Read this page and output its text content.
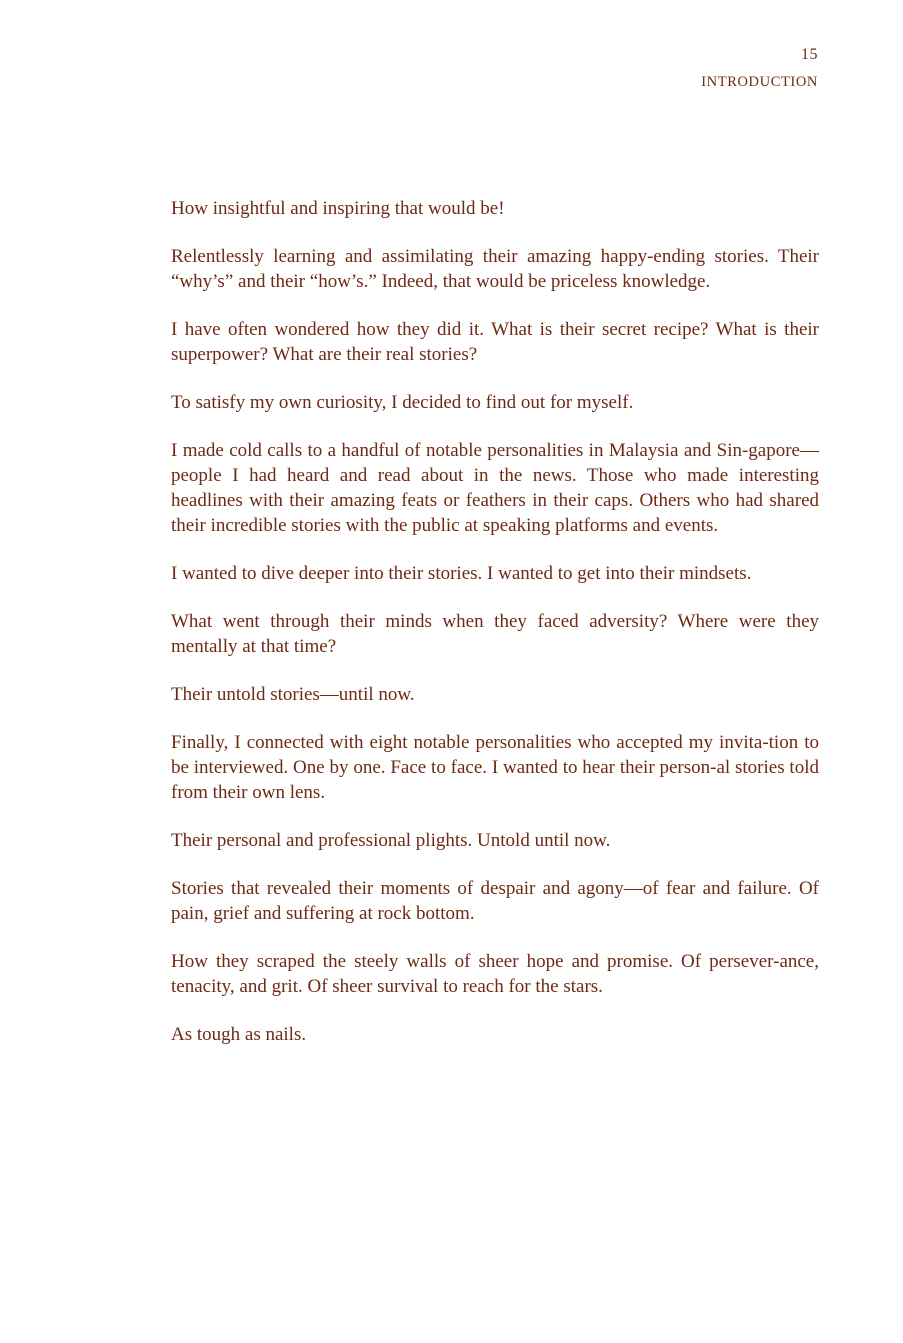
15
INTRODUCTION

How insightful and inspiring that would be!

Relentlessly learning and assimilating their amazing happy-ending stories. Their “why’s” and their “how’s.” Indeed, that would be priceless knowledge.

I have often wondered how they did it. What is their secret recipe? What is their superpower? What are their real stories?

To satisfy my own curiosity, I decided to find out for myself.

I made cold calls to a handful of notable personalities in Malaysia and Sin-gapore—people I had heard and read about in the news. Those who made interesting headlines with their amazing feats or feathers in their caps. Others who had shared their incredible stories with the public at speaking platforms and events.

I wanted to dive deeper into their stories. I wanted to get into their mindsets.

What went through their minds when they faced adversity? Where were they mentally at that time?

Their untold stories—until now.

Finally, I connected with eight notable personalities who accepted my invita-tion to be interviewed. One by one. Face to face. I wanted to hear their person-al stories told from their own lens.

Their personal and professional plights. Untold until now.

Stories that revealed their moments of despair and agony—of fear and failure. Of pain, grief and suffering at rock bottom.

How they scraped the steely walls of sheer hope and promise. Of persever-ance, tenacity, and grit. Of sheer survival to reach for the stars.

As tough as nails.
